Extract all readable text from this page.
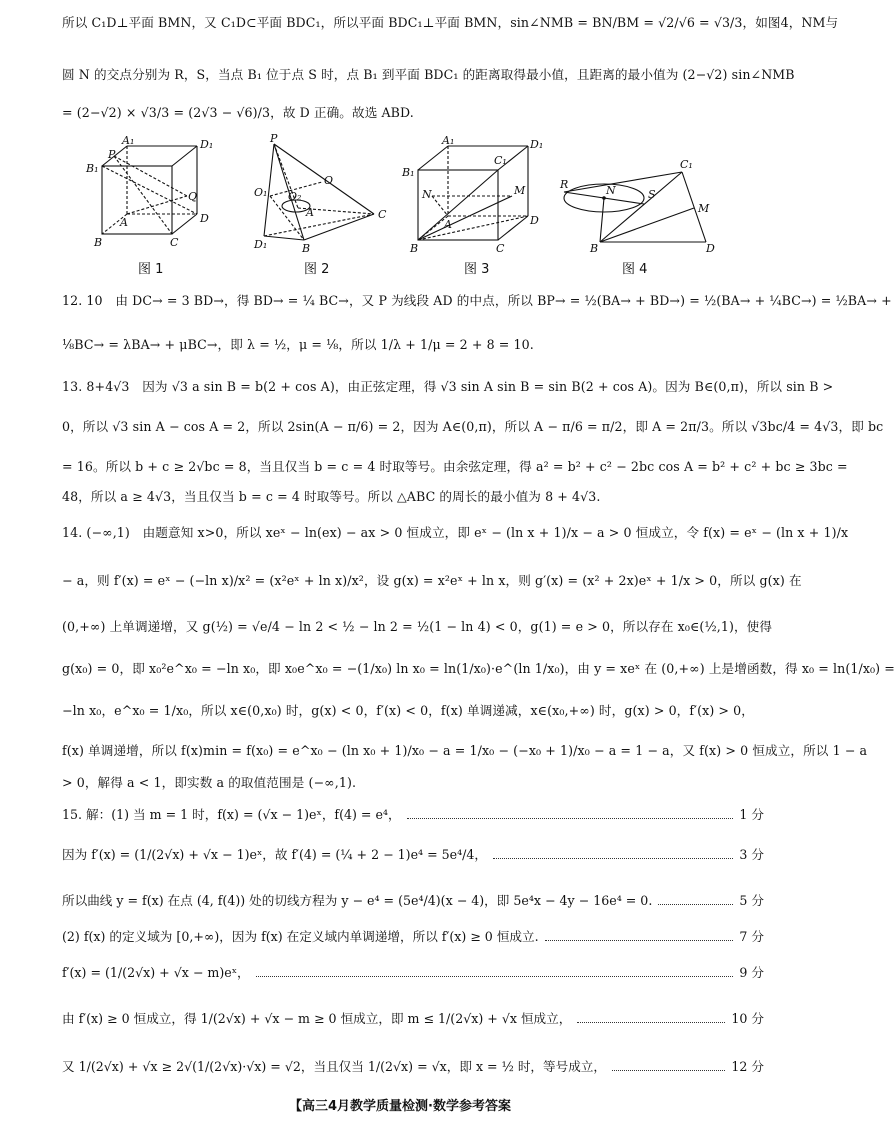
所以 C₁D⊥平面 BMN，又 C₁D⊂平面 BDC₁，所以平面 BDC₁⊥平面 BMN，sin∠NMB = BN/BM = √2/√6 = √3/3，如图4，NM与
圆 N 的交点分别为 R，S，当点 B₁ 位于点 S 时，点 B₁ 到平面 BDC₁ 的距离取得最小值，且距离的最小值为 (2−√2) sin∠NMB
= (2−√2) × √3/3 = (2√3 − √6)/3，故 D 正确。故选 ABD.
A₁	D₁
P
B₁
Q
A	D
B	C
图 1
P
O₁
O
O₂
A	C
D₁	B
图 2
A₁	D₁
B₁
C₁
N	M
A	D
B	C
图 3
C₁
R	N	S
M
B	D
图 4
12. 10　由 DC→ = 3 BD→，得 BD→ = ¼ BC→，又 P 为线段 AD 的中点，所以 BP→ = ½(BA→ + BD→) = ½(BA→ + ¼BC→) = ½BA→ +
⅛BC→ = λBA→ + μBC→，即 λ = ½，μ = ⅛，所以 1/λ + 1/μ = 2 + 8 = 10.
13. 8+4√3　因为 √3 a sin B = b(2 + cos A)，由正弦定理，得 √3 sin A sin B = sin B(2 + cos A)。因为 B∈(0,π)，所以 sin B >
0，所以 √3 sin A − cos A = 2，所以 2sin(A − π/6) = 2，因为 A∈(0,π)，所以 A − π/6 = π/2，即 A = 2π/3。所以 √3bc/4 = 4√3，即 bc
= 16。所以 b + c ≥ 2√bc = 8，当且仅当 b = c = 4 时取等号。由余弦定理，得 a² = b² + c² − 2bc cos A = b² + c² + bc ≥ 3bc =
48，所以 a ≥ 4√3，当且仅当 b = c = 4 时取等号。所以 △ABC 的周长的最小值为 8 + 4√3.
14. (−∞,1)　由题意知 x>0，所以 xeˣ − ln(ex) − ax > 0 恒成立，即 eˣ − (ln x + 1)/x − a > 0 恒成立，令 f(x) = eˣ − (ln x + 1)/x
− a，则 f′(x) = eˣ − (−ln x)/x² = (x²eˣ + ln x)/x²，设 g(x) = x²eˣ + ln x，则 g′(x) = (x² + 2x)eˣ + 1/x > 0，所以 g(x) 在
(0,+∞) 上单调递增，又 g(½) = √e/4 − ln 2 < ½ − ln 2 = ½(1 − ln 4) < 0，g(1) = e > 0，所以存在 x₀∈(½,1)，使得
g(x₀) = 0，即 x₀²e^x₀ = −ln x₀，即 x₀e^x₀ = −(1/x₀) ln x₀ = ln(1/x₀)·e^(ln 1/x₀)，由 y = xeˣ 在 (0,+∞) 上是增函数，得 x₀ = ln(1/x₀) =
−ln x₀，e^x₀ = 1/x₀，所以 x∈(0,x₀) 时，g(x) < 0，f′(x) < 0，f(x) 单调递减，x∈(x₀,+∞) 时，g(x) > 0，f′(x) > 0，
f(x) 单调递增，所以 f(x)min = f(x₀) = e^x₀ − (ln x₀ + 1)/x₀ − a = 1/x₀ − (−x₀ + 1)/x₀ − a = 1 − a，又 f(x) > 0 恒成立，所以 1 − a
> 0，解得 a < 1，即实数 a 的取值范围是 (−∞,1).
15. 解：(1) 当 m = 1 时，f(x) = (√x − 1)eˣ，f(4) = e⁴，	1 分
因为 f′(x) = (1/(2√x) + √x − 1)eˣ，故 f′(4) = (¼ + 2 − 1)e⁴ = 5e⁴/4，	3 分
所以曲线 y = f(x) 在点 (4, f(4)) 处的切线方程为 y − e⁴ = (5e⁴/4)(x − 4)，即 5e⁴x − 4y − 16e⁴ = 0.	5 分
(2) f(x) 的定义域为 [0,+∞)，因为 f(x) 在定义域内单调递增，所以 f′(x) ≥ 0 恒成立.	7 分
f′(x) = (1/(2√x) + √x − m)eˣ，	9 分
由 f′(x) ≥ 0 恒成立，得 1/(2√x) + √x − m ≥ 0 恒成立，即 m ≤ 1/(2√x) + √x 恒成立，	10 分
又 1/(2√x) + √x ≥ 2√(1/(2√x)·√x) = √2，当且仅当 1/(2√x) = √x，即 x = ½ 时，等号成立，	12 分
【高三4月教学质量检测·数学参考答案
